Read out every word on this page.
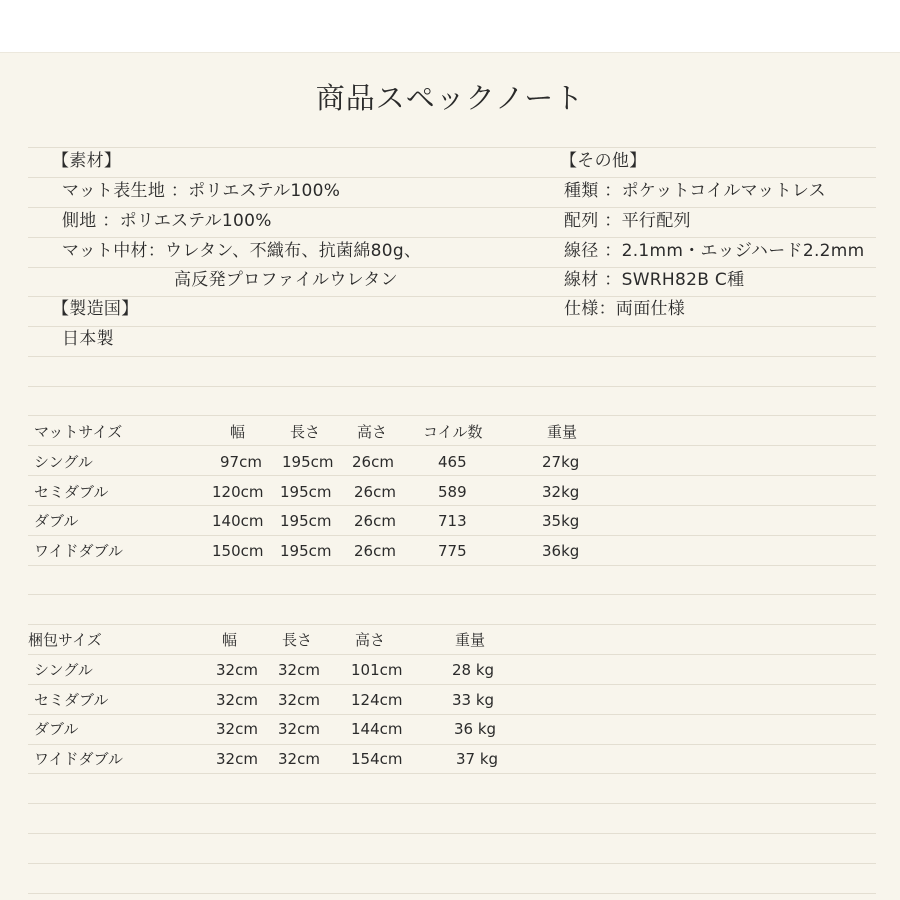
商品スペックノート
【素材】
マット表生地 ：ポリエステル100%
側地 ：ポリエステル100%
マット中材：ウレタン、不織布、抗菌綿80g、
高反発プロファイルウレタン
【製造国】
日本製
【その他】
種類 ：ポケットコイルマットレス
配列 ：平行配列
線径 ：2.1mm・エッジハード2.2mm
線材 ：SWRH82B C種
仕様：両面仕様
マットサイズ	幅	長さ 高さ コイル数	重量
シングル	97cm 195cm 26cm	465	27kg
セミダブル	120cm 195cm 26cm	589	32kg
ダブル	140cm 195cm 26cm	713	35kg
ワイドダブル	150cm 195cm 26cm	775	36kg
梱包サイズ	幅	長さ	高さ	重量
シングル	32cm 32cm 101cm	28 kg
セミダブル	32cm 32cm 124cm	33 kg
ダブル	32cm 32cm 144cm	36 kg
ワイドダブル	32cm 32cm 154cm	37 kg
